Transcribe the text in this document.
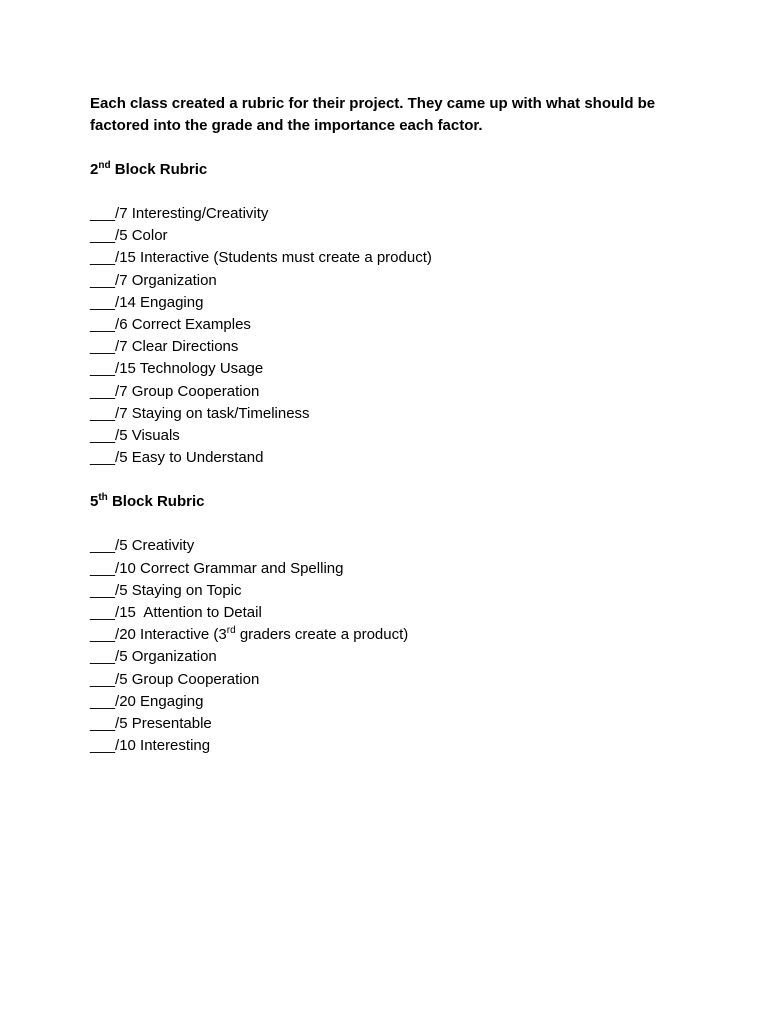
Each class created a rubric for their project. They came up with what should be factored into the grade and the importance each factor.

2nd Block Rubric

___/7 Interesting/Creativity
___/5 Color
___/15 Interactive (Students must create a product)
___/7 Organization
___/14 Engaging
___/6 Correct Examples
___/7 Clear Directions
___/15 Technology Usage
___/7 Group Cooperation
___/7 Staying on task/Timeliness
___/5 Visuals
___/5 Easy to Understand

5th Block Rubric

___/5 Creativity
___/10 Correct Grammar and Spelling
___/5 Staying on Topic
___/15  Attention to Detail
___/20 Interactive (3rd graders create a product)
___/5 Organization
___/5 Group Cooperation
___/20 Engaging
___/5 Presentable
___/10 Interesting
